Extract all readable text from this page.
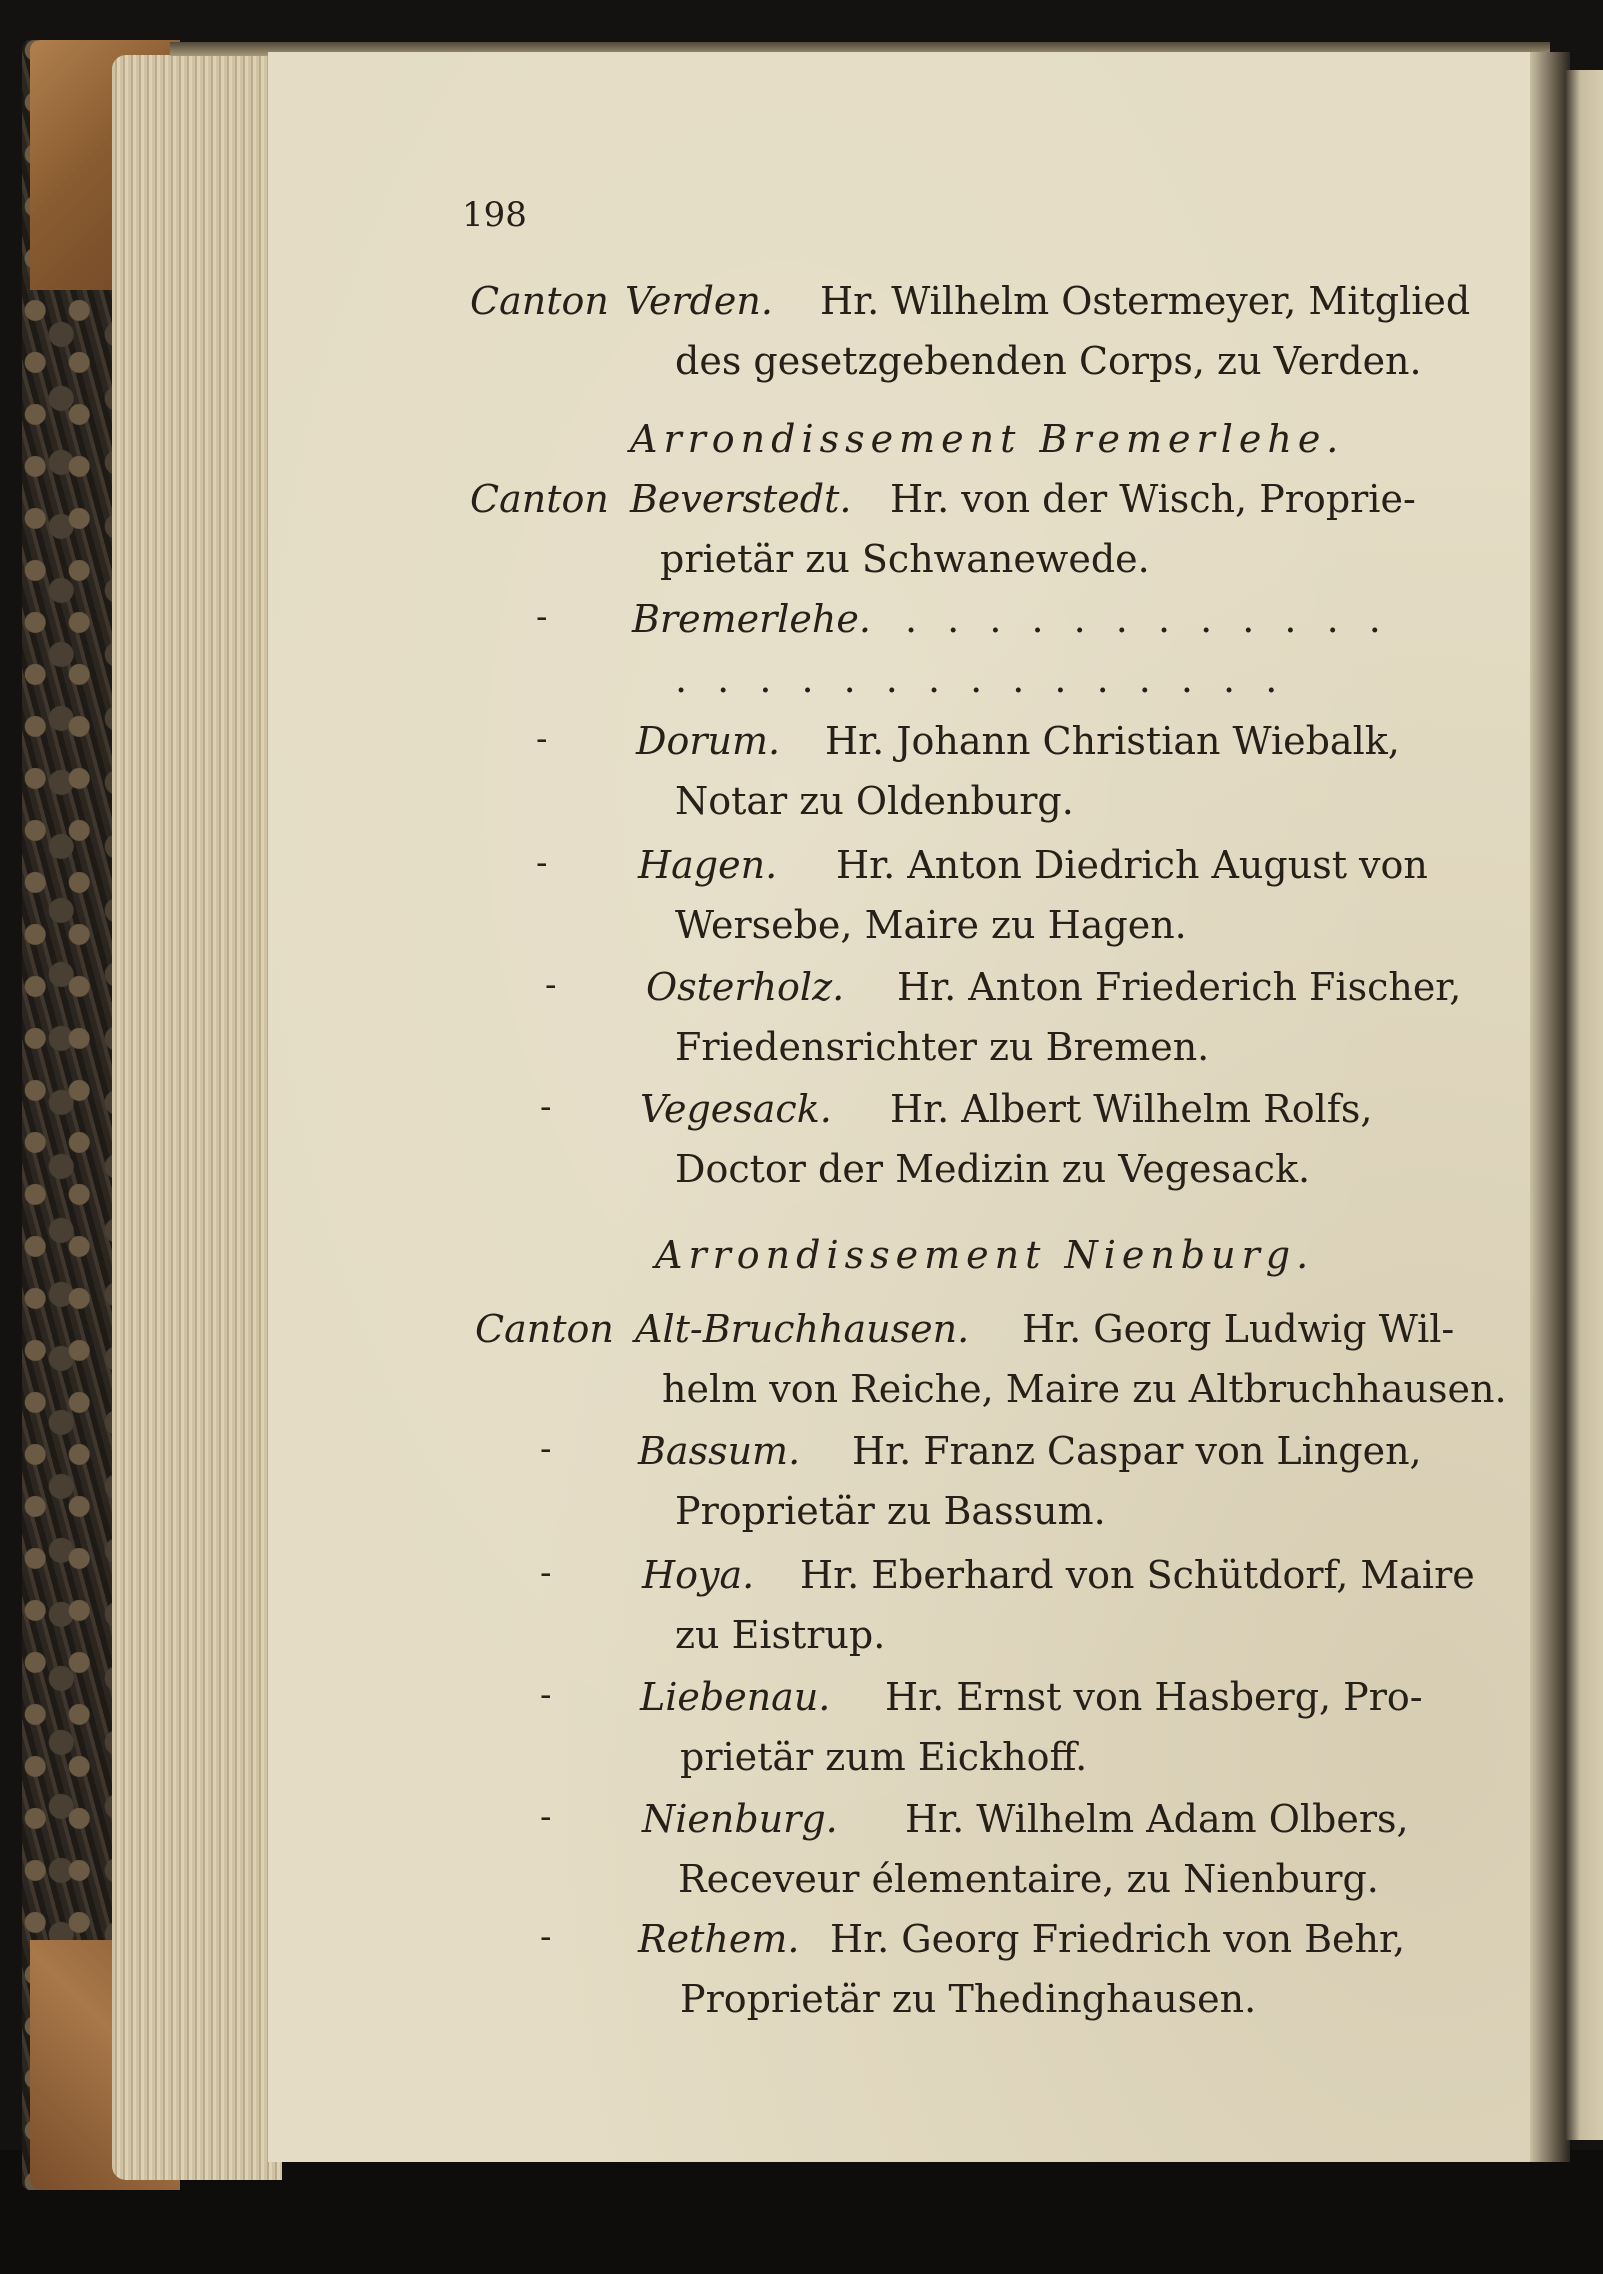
198
Canton Verden. Hr. Wilhelm Ostermeyer, Mitglied
des gesetzgebenden Corps, zu Verden.
Arrondissement Bremerlehe.
Canton Beverstedt. Hr. von der Wisch, Proprie-
prietär zu Schwanewede.
- Bremerlehe. . . . . . . . . . . . .
. . . . . . . . . . . . . . .
- Dorum. Hr. Johann Christian Wiebalk,
Notar zu Oldenburg.
- Hagen. Hr. Anton Diedrich August von
Wersebe, Maire zu Hagen.
- Osterholz. Hr. Anton Friederich Fischer,
Friedensrichter zu Bremen.
- Vegesack. Hr. Albert Wilhelm Rolfs,
Doctor der Medizin zu Vegesack.
Arrondissement Nienburg.
Canton Alt-Bruchhausen. Hr. Georg Ludwig Wil-
helm von Reiche, Maire zu Altbruchhausen.
- Bassum. Hr. Franz Caspar von Lingen,
Proprietär zu Bassum.
- Hoya. Hr. Eberhard von Schütdorf, Maire
zu Eistrup.
- Liebenau. Hr. Ernst von Hasberg, Pro-
prietär zum Eickhoff.
- Nienburg. Hr. Wilhelm Adam Olbers,
Receveur élementaire, zu Nienburg.
- Rethem. Hr. Georg Friedrich von Behr,
Proprietär zu Thedinghausen.
